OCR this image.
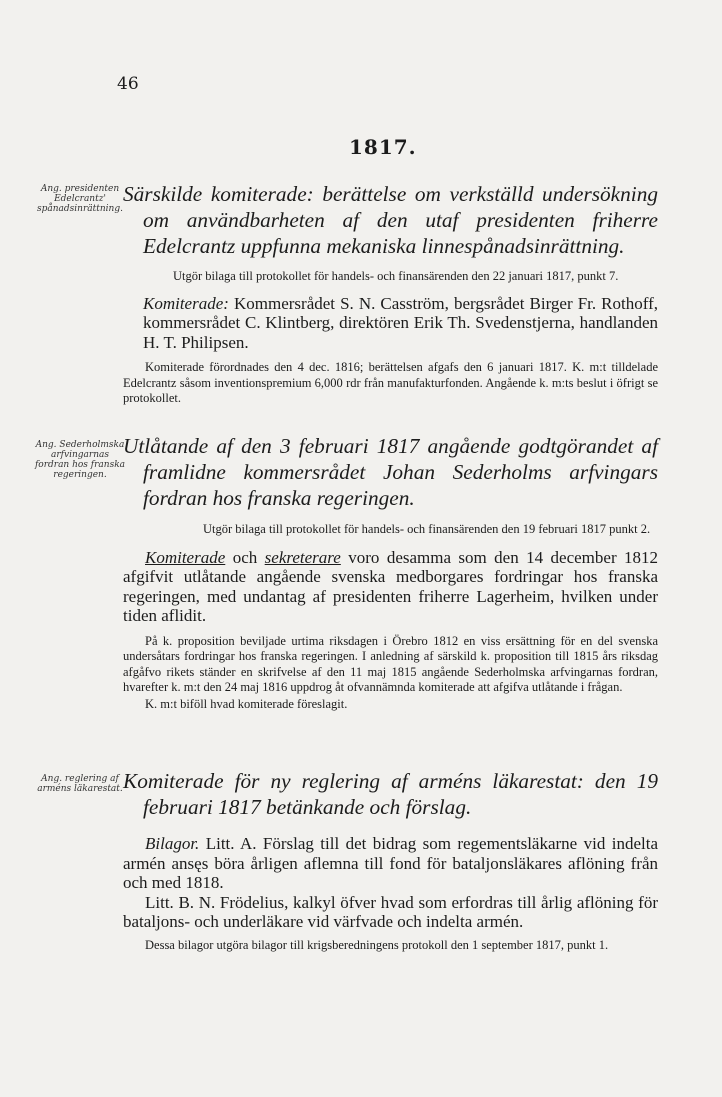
46
1817.
Ang. presidenten Edelcrantz' spånadsinrättning.

Särskilde komiterade: berättelse om verkställd undersökning om användbarheten af den utaf presidenten friherre Edelcrantz uppfunna mekaniska linnespånadsinrättning.

Utgör bilaga till protokollet för handels- och finansärenden den 22 januari 1817, punkt 7.

Komiterade: Kommersrådet S. N. Casström, bergsrådet Birger Fr. Rothoff, kommersrådet C. Klintberg, direktören Erik Th. Svedenstjerna, handlanden H. T. Philipsen.

Komiterade förordnades den 4 dec. 1816; berättelsen afgafs den 6 januari 1817. K. m:t tilldelade Edelcrantz såsom inventionspremium 6,000 rdr från manufakturfonden. Angående k. m:ts beslut i öfrigt se protokollet.

Ang. Sederholmska arfvingarnas fordran hos franska regeringen.

Utlåtande af den 3 februari 1817 angående godtgörandet af framlidne kommersrådet Johan Sederholms arfvingars fordran hos franska regeringen.

Utgör bilaga till protokollet för handels- och finansärenden den 19 februari 1817 punkt 2.

Komiterade och sekreterare voro desamma som den 14 december 1812 afgifvit utlåtande angående svenska medborgares fordringar hos franska regeringen, med undantag af presidenten friherre Lagerheim, hvilken under tiden aflidit.

På k. proposition beviljade urtima riksdagen i Örebro 1812 en viss ersättning för en del svenska undersåtars fordringar hos franska regeringen. I anledning af särskild k. proposition till 1815 års riksdag afgåfvo rikets ständer en skrifvelse af den 11 maj 1815 angående Sederholmska arfvingarnas fordran, hvarefter k. m:t den 24 maj 1816 uppdrog åt ofvannämnda komiterade att afgifva utlåtande i frågan.

K. m:t biföll hvad komiterade föreslagit.

Ang. reglering af arméns läkarestat. Komiterade för ny reglering af arméns läkarestat: den 19 februari 1817 betänkande och förslag.

Bilagor. Litt. A. Förslag till det bidrag som regementsläkarne vid indelta armén ansęs böra årligen aflemna till fond för bataljonsläkares aflöning från och med 1818.

Litt. B. N. Frödelius, kalkyl öfver hvad som erfordras till årlig aflöning för bataljons- och underläkare vid värfvade och indelta armén.

Dessa bilagor utgöra bilagor till krigsberedningens protokoll den 1 september 1817, punkt 1.
